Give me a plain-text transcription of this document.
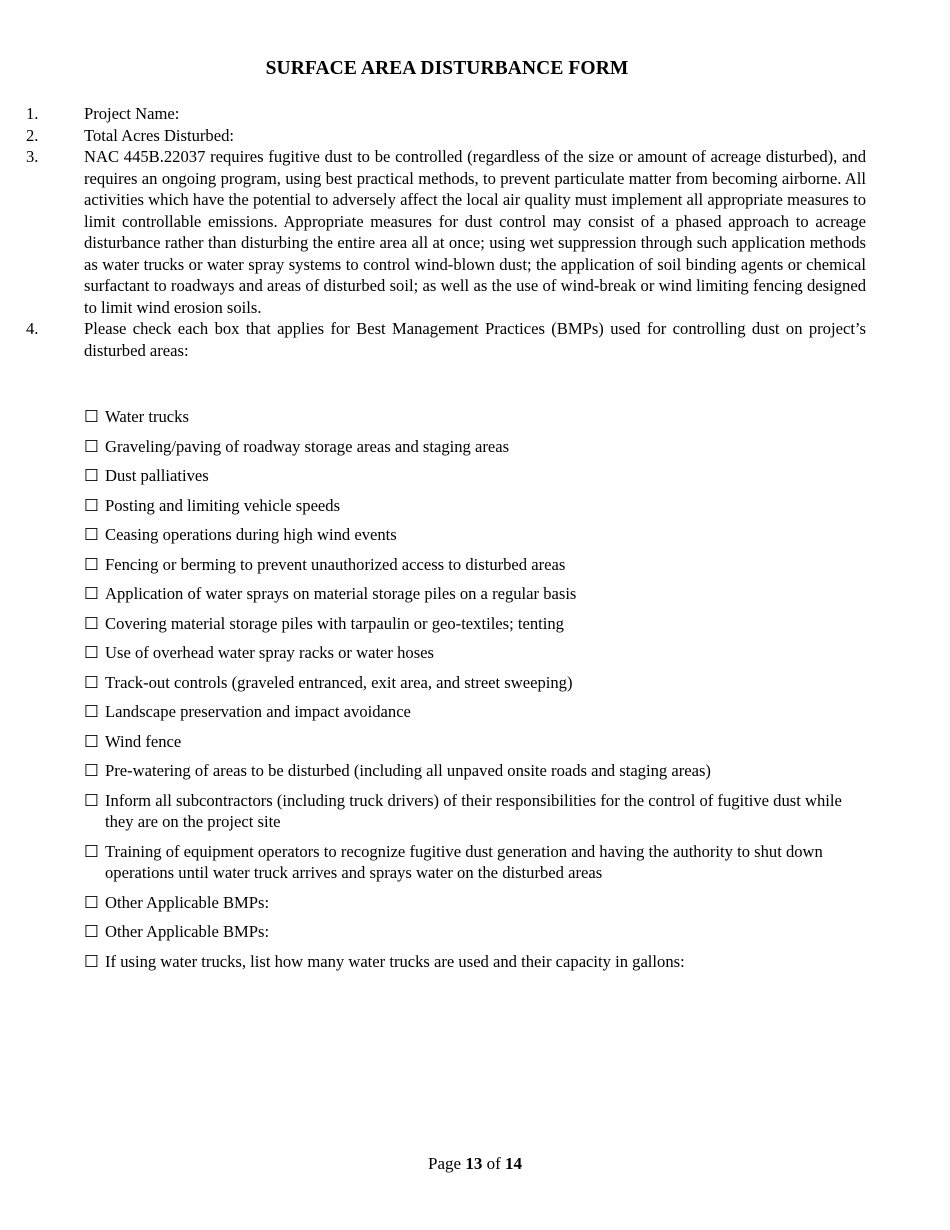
SURFACE AREA DISTURBANCE FORM
1.	Project Name:
2.	Total Acres Disturbed:
3.	NAC 445B.22037 requires fugitive dust to be controlled (regardless of the size or amount of acreage disturbed), and requires an ongoing program, using best practical methods, to prevent particulate matter from becoming airborne. All activities which have the potential to adversely affect the local air quality must implement all appropriate measures to limit controllable emissions. Appropriate measures for dust control may consist of a phased approach to acreage disturbance rather than disturbing the entire area all at once; using wet suppression through such application methods as water trucks or water spray systems to control wind-blown dust; the application of soil binding agents or chemical surfactant to roadways and areas of disturbed soil; as well as the use of wind-break or wind limiting fencing designed to limit wind erosion soils.
4.	Please check each box that applies for Best Management Practices (BMPs) used for controlling dust on project’s disturbed areas:
☐ Water trucks
☐ Graveling/paving of roadway storage areas and staging areas
☐ Dust palliatives
☐ Posting and limiting vehicle speeds
☐ Ceasing operations during high wind events
☐ Fencing or berming to prevent unauthorized access to disturbed areas
☐ Application of water sprays on material storage piles on a regular basis
☐ Covering material storage piles with tarpaulin or geo-textiles; tenting
☐ Use of overhead water spray racks or water hoses
☐ Track-out controls (graveled entranced, exit area, and street sweeping)
☐ Landscape preservation and impact avoidance
☐ Wind fence
☐ Pre-watering of areas to be disturbed (including all unpaved onsite roads and staging areas)
☐ Inform all subcontractors (including truck drivers) of their responsibilities for the control of fugitive dust while they are on the project site
☐ Training of equipment operators to recognize fugitive dust generation and having the authority to shut down operations until water truck arrives and sprays water on the disturbed areas
☐ Other Applicable BMPs:
☐ Other Applicable BMPs:
☐ If using water trucks, list how many water trucks are used and their capacity in gallons:
Page 13 of 14
